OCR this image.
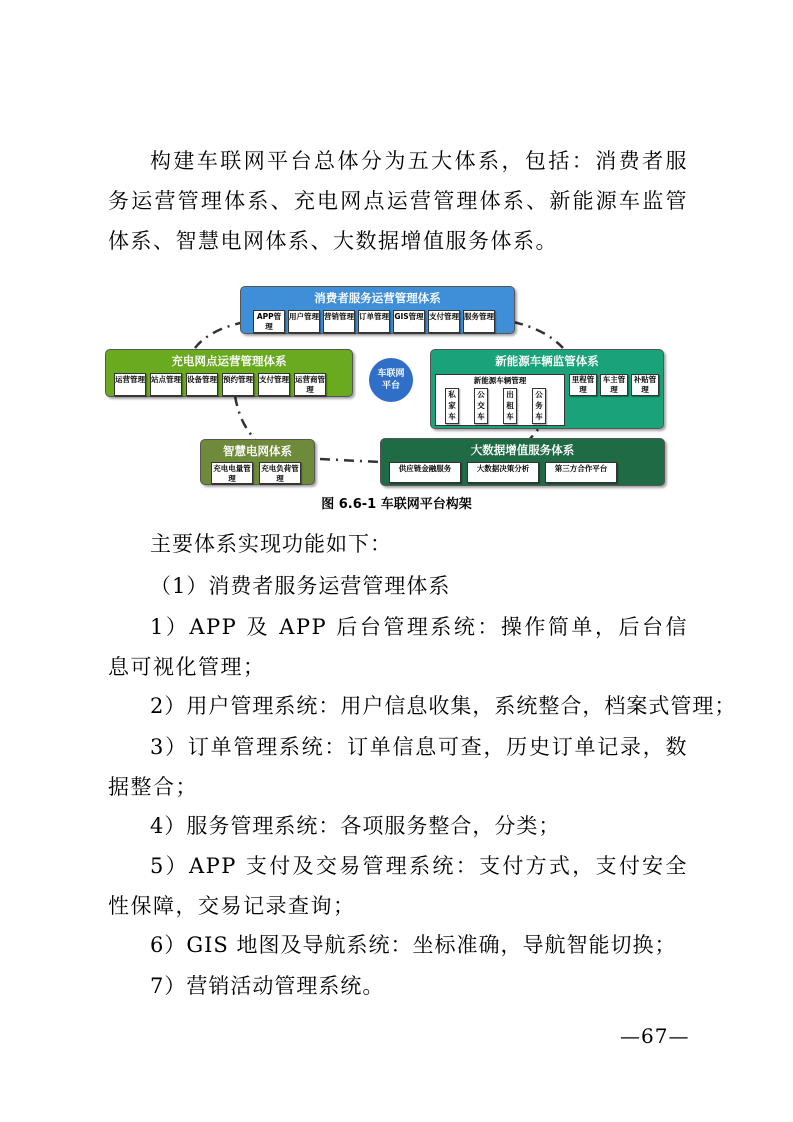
构建车联网平台总体分为五大体系，包括：消费者服务运营管理体系、充电网点运营管理体系、新能源车监管体系、智慧电网体系、大数据增值服务体系。

消费者服务运营管理体系
APP管理
用户管理 营销管理 订单管理 GIS管理 支付管理 服务管理
充电网点运营管理体系
运营管理 站点管理 设备管理 预约管理 支付管理 运营商管理
新能源车辆监管体系
新能源车辆管理	里程管理
车主管理
补贴管理
私家车
公交车
出租车
公务车
智慧电网体系
充电电量管理
充电负荷管理
大数据增值服务体系
供应链金融服务	大数据决策分析	第三方合作平台
车联网平台
图 6.6-1 车联网平台构架
主要体系实现功能如下：
（1）消费者服务运营管理体系

1）APP 及 APP 后台管理系统：操作简单，后台信息可视化管理；

2）用户管理系统：用户信息收集，系统整合，档案式管理；

3）订单管理系统：订单信息可查，历史订单记录，数据整合；

4）服务管理系统：各项服务整合，分类；

5）APP 支付及交易管理系统：支付方式，支付安全性保障，交易记录查询；

6）GIS 地图及导航系统：坐标准确，导航智能切换；
7）营销活动管理系统。
—67—
